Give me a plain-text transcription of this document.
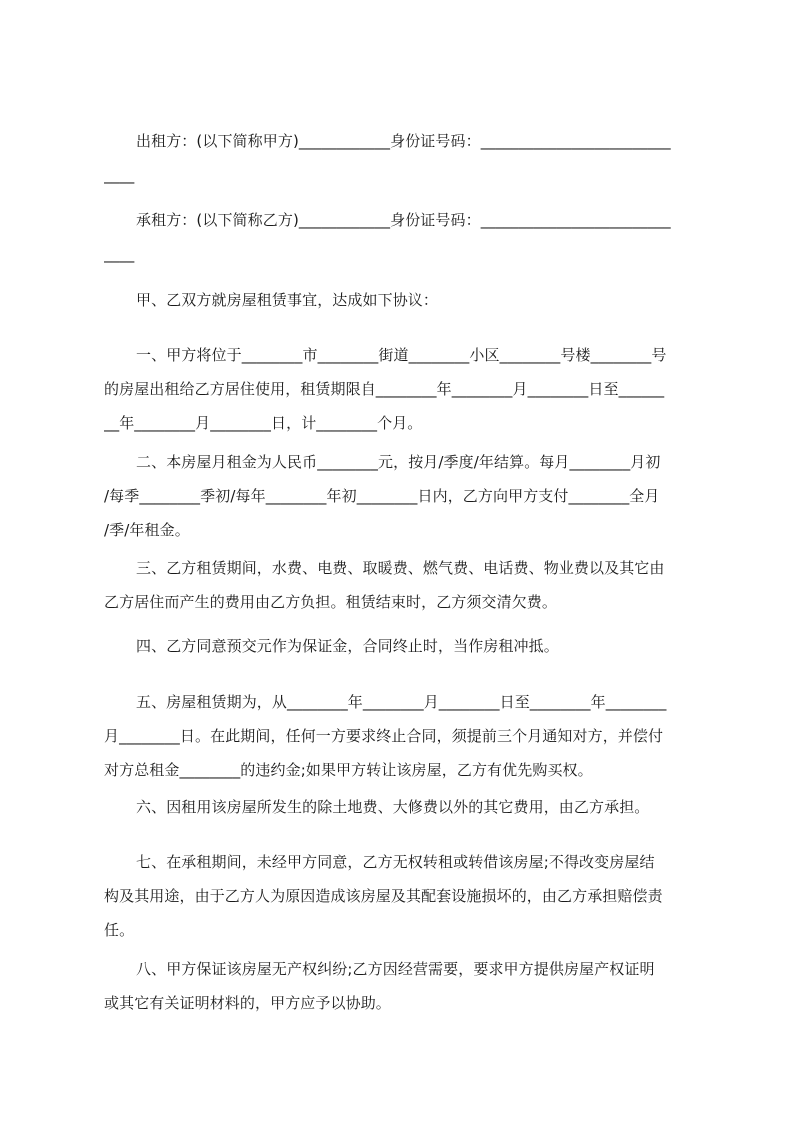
出租方：(以下简称甲方)____________身份证号码：_________________________
____

承租方：(以下简称乙方)____________身份证号码：_________________________
____

甲、乙双方就房屋租赁事宜，达成如下协议：

一、甲方将位于________市________街道________小区________号楼________号
的房屋出租给乙方居住使用，租赁期限自________年________月________日至______
__年________月________日，计________个月。

二、本房屋月租金为人民币________元，按月/季度/年结算。每月________月初
/每季________季初/每年________年初________日内，乙方向甲方支付________全月
/季/年租金。

三、乙方租赁期间，水费、电费、取暖费、燃气费、电话费、物业费以及其它由
乙方居住而产生的费用由乙方负担。租赁结束时，乙方须交清欠费。

四、乙方同意预交元作为保证金，合同终止时，当作房租冲抵。

五、房屋租赁期为，从________年________月________日至________年________
月________日。在此期间，任何一方要求终止合同，须提前三个月通知对方，并偿付
对方总租金________的违约金;如果甲方转让该房屋，乙方有优先购买权。

六、因租用该房屋所发生的除土地费、大修费以外的其它费用，由乙方承担。

七、在承租期间，未经甲方同意，乙方无权转租或转借该房屋;不得改变房屋结
构及其用途，由于乙方人为原因造成该房屋及其配套设施损坏的，由乙方承担赔偿责
任。

八、甲方保证该房屋无产权纠纷;乙方因经营需要，要求甲方提供房屋产权证明
或其它有关证明材料的，甲方应予以协助。
